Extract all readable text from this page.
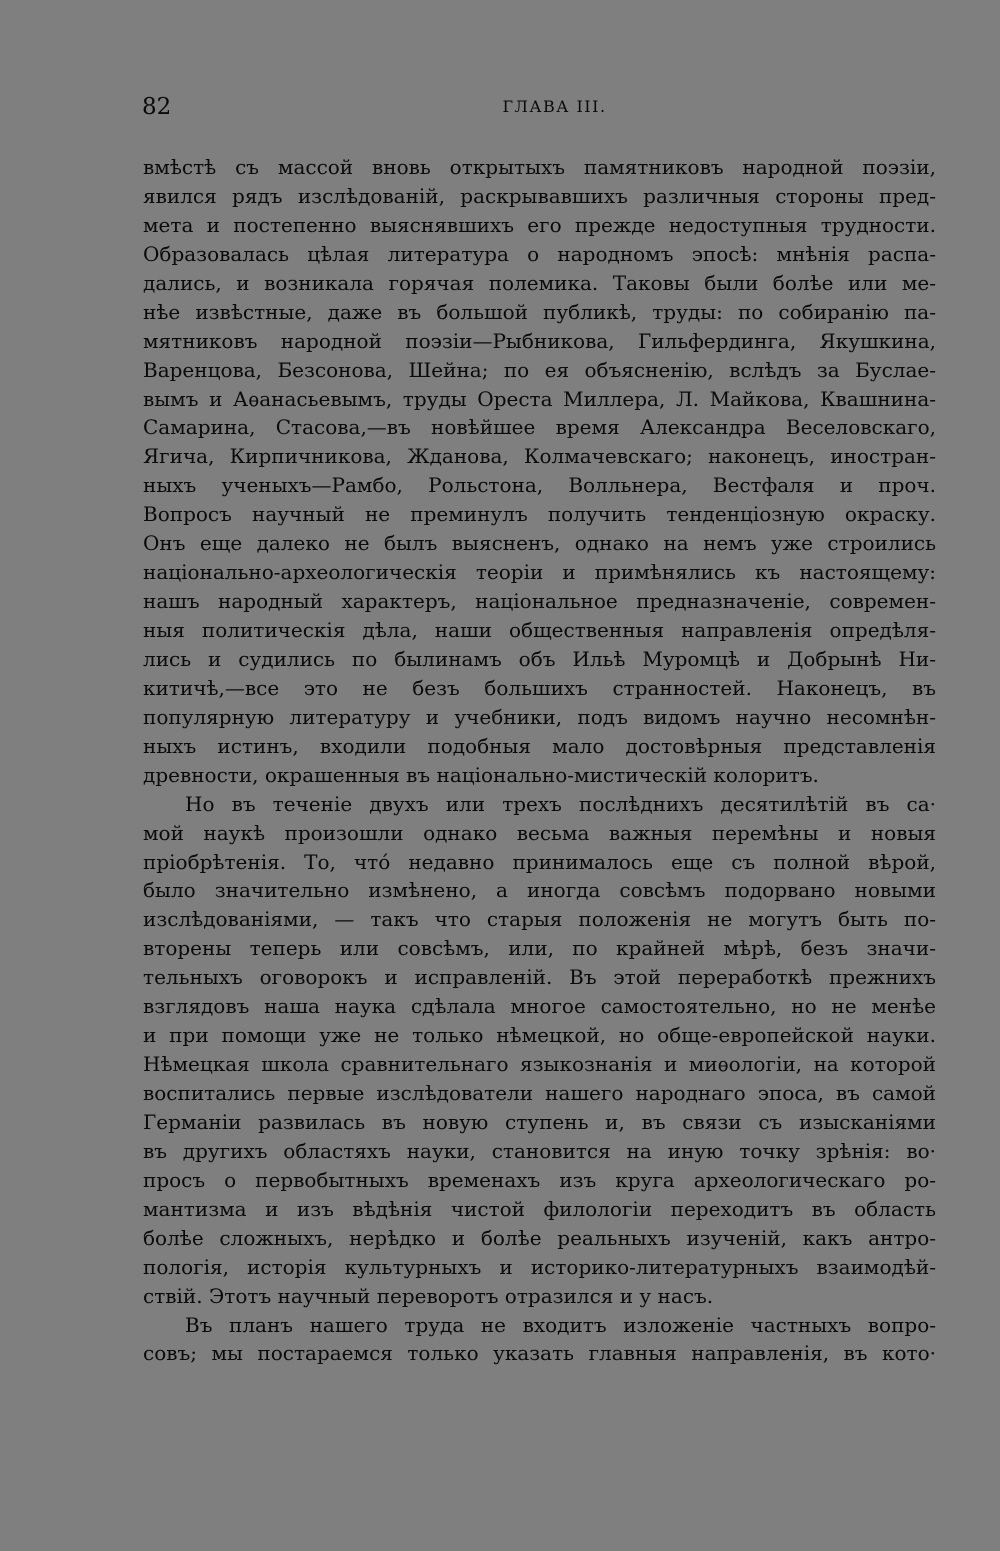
82	ГЛАВА III.
вмѣстѣ съ массой вновь открытыхъ памятниковъ народной поэзіи,
явился рядъ изслѣдованій, раскрывавшихъ различныя стороны пред-
мета и постепенно выяснявшихъ его прежде недоступныя трудности.
Образовалась цѣлая литература о народномъ эпосѣ: мнѣнія распа-
дались, и возникала горячая полемика. Таковы были болѣе или ме-
нѣе извѣстные, даже въ большой публикѣ, труды: по собиранію па-
мятниковъ народной поэзіи—Рыбникова, Гильфердинга, Якушкина,
Варенцова, Безсонова, Шейна; по ея объясненію, вслѣдъ за Буслае-
вымъ и Аѳанасьевымъ, труды Ореста Миллера, Л. Майкова, Квашнина-
Самарина, Стасова,—въ новѣйшее время Александра Веселовскаго,
Ягича, Кирпичникова, Жданова, Колмачевскаго; наконецъ, иностран-
ныхъ ученыхъ—Рамбо, Рольстона, Волльнера, Вестфаля и проч.
Вопросъ научный не преминулъ получить тенденціозную окраску.
Онъ еще далеко не былъ выясненъ, однако на немъ уже строились
національно-археологическія теоріи и примѣнялись къ настоящему:
нашъ народный характеръ, національное предназначеніе, современ-
ныя политическія дѣла, наши общественныя направленія опредѣля-
лись и судились по былинамъ объ Ильѣ Муромцѣ и Добрынѣ Ни-
китичѣ,—все это не безъ большихъ странностей. Наконецъ, въ
популярную литературу и учебники, подъ видомъ научно несомнѣн-
ныхъ истинъ, входили подобныя мало достовѣрныя представленія
древности, окрашенныя въ національно-мистическій колоритъ.
Но въ теченіе двухъ или трехъ послѣднихъ десятилѣтій въ са·
мой наукѣ произошли однако весьма важныя перемѣны и новыя
пріобрѣтенія. То, что́ недавно принималось еще съ полной вѣрой,
было значительно измѣнено, а иногда совсѣмъ подорвано новыми
изслѣдованіями, — такъ что старыя положенія не могутъ быть по-
вторены теперь или совсѣмъ, или, по крайней мѣрѣ, безъ значи-
тельныхъ оговорокъ и исправленій. Въ этой переработкѣ прежнихъ
взглядовъ наша наука сдѣлала многое самостоятельно, но не менѣе
и при помощи уже не только нѣмецкой, но обще-европейской науки.
Нѣмецкая школа сравнительнаго языкознанія и миѳологіи, на которой
воспитались первые изслѣдователи нашего народнаго эпоса, въ самой
Германіи развилась въ новую ступень и, въ связи съ изысканіями
въ другихъ областяхъ науки, становится на иную точку зрѣнія: во·
просъ о первобытныхъ временахъ изъ круга археологическаго ро-
мантизма и изъ вѣдѣнія чистой филологіи переходитъ въ область
болѣе сложныхъ, нерѣдко и болѣе реальныхъ изученій, какъ антро-
пологія, исторія культурныхъ и историко-литературныхъ взаимодѣй-
ствій. Этотъ научный переворотъ отразился и у насъ.
Въ планъ нашего труда не входитъ изложеніе частныхъ вопро-
совъ; мы постараемся только указать главныя направленія, въ кото·
